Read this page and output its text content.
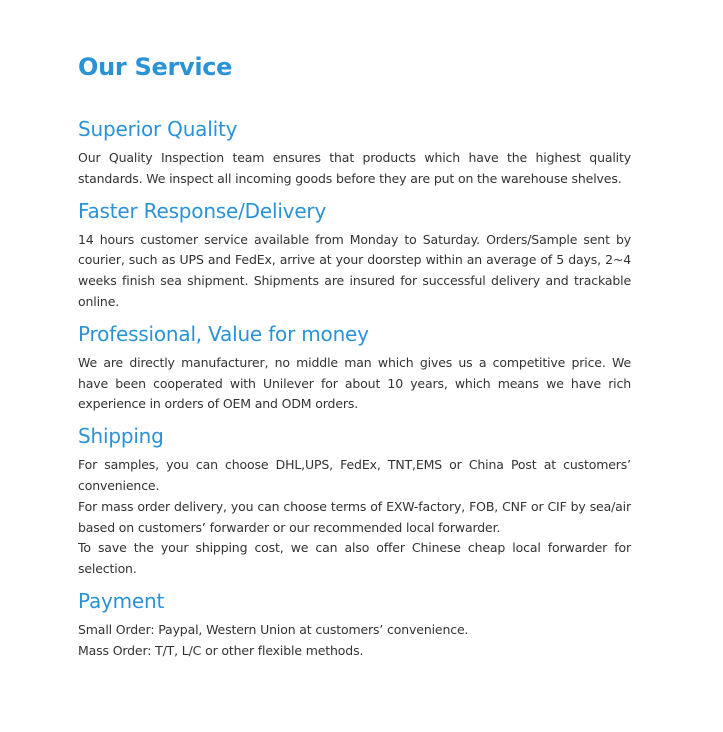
Our Service
Superior Quality

Our Quality Inspection team ensures that products which have the highest quality standards. We inspect all incoming goods before they are put on the warehouse shelves.

Faster Response/Delivery

14 hours customer service available from Monday to Saturday. Orders/Sample sent by courier, such as UPS and FedEx, arrive at your doorstep within an average of 5 days, 2~4 weeks finish sea shipment. Shipments are insured for successful delivery and trackable online.

Professional, Value for money

We are directly manufacturer, no middle man which gives us a competitive price. We have been cooperated with Unilever for about 10 years, which means we have rich experience in orders of OEM and ODM orders.

Shipping

For samples, you can choose DHL,UPS, FedEx, TNT,EMS or China Post at customers’ convenience.

For mass order delivery, you can choose terms of EXW-factory, FOB, CNF or CIF by sea/air based on customers’ forwarder or our recommended local forwarder.

To save the your shipping cost, we can also offer Chinese cheap local forwarder for selection.

Payment

Small Order: Paypal, Western Union at customers’ convenience.

Mass Order: T/T, L/C or other flexible methods.
